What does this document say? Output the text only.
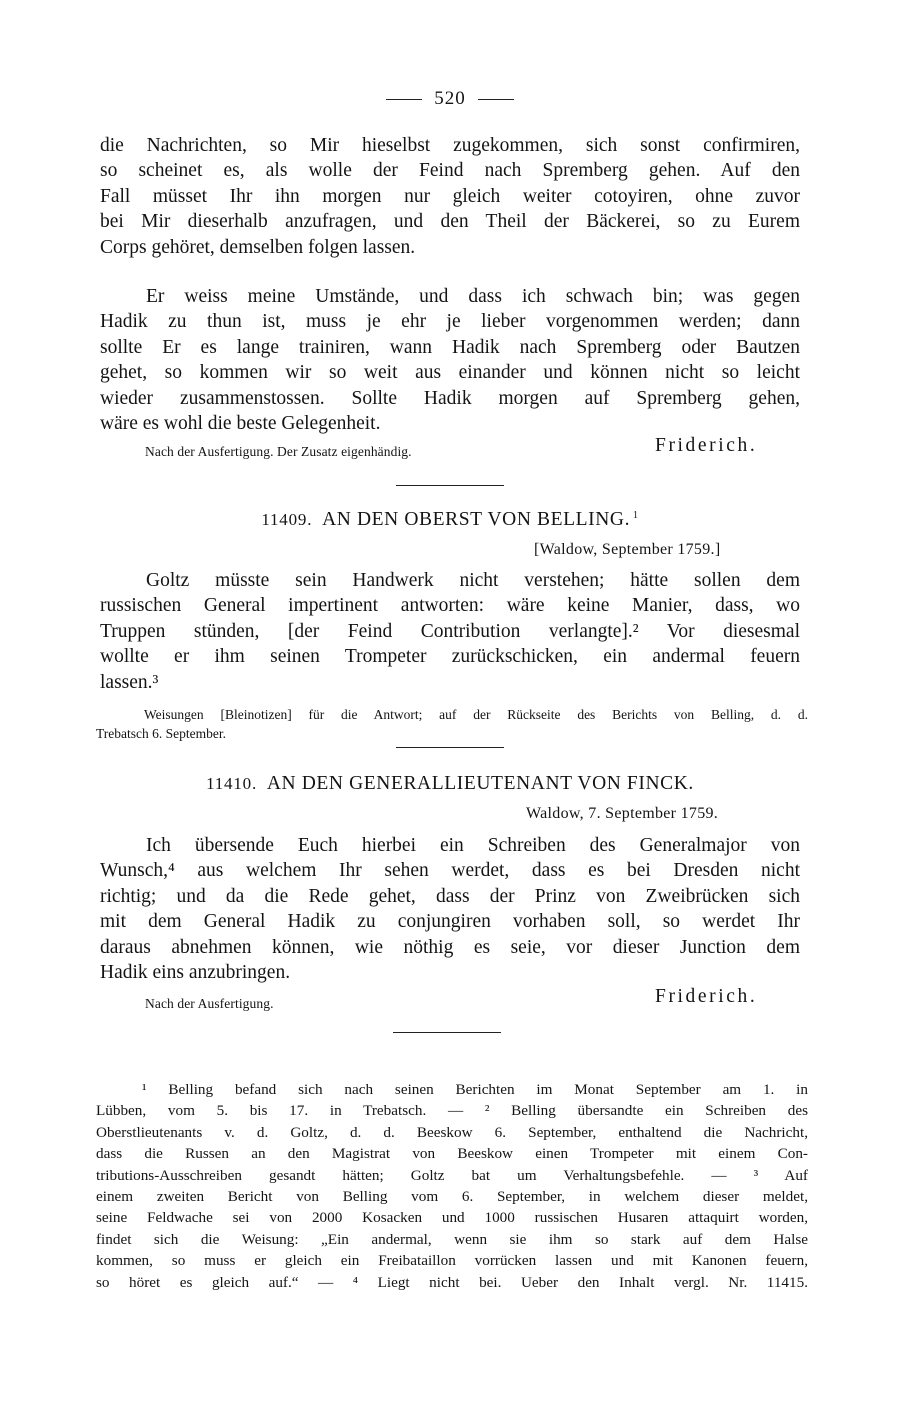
520
die Nachrichten, so Mir hieselbst zugekommen, sich sonst confirmiren,
so scheinet es, als wolle der Feind nach Spremberg gehen. Auf den
Fall müsset Ihr ihn morgen nur gleich weiter cotoyiren, ohne zuvor
bei Mir dieserhalb anzufragen, und den Theil der Bäckerei, so zu Eurem
Corps gehöret, demselben folgen lassen.
Er weiss meine Umstände, und dass ich schwach bin; was gegen
Hadik zu thun ist, muss je ehr je lieber vorgenommen werden; dann
sollte Er es lange trainiren, wann Hadik nach Spremberg oder Bautzen
gehet, so kommen wir so weit aus einander und können nicht so leicht
wieder zusammenstossen. Sollte Hadik morgen auf Spremberg gehen,
wäre es wohl die beste Gelegenheit.
Nach der Ausfertigung. Der Zusatz eigenhändig.	Friderich.
11409. AN DEN OBERST VON BELLING. $^1$
[Waldow, September 1759.]
Goltz müsste sein Handwerk nicht verstehen; hätte sollen dem
russischen General impertinent antworten: wäre keine Manier, dass, wo
Truppen stünden, [der Feind Contribution verlangte].² Vor diesesmal
wollte er ihm seinen Trompeter zurückschicken, ein andermal feuern
lassen.³
Weisungen [Bleinotizen] für die Antwort; auf der Rückseite des Berichts von Belling, d. d.
Trebatsch 6. September.
11410. AN DEN GENERALLIEUTENANT VON FINCK.
Waldow, 7. September 1759.
Ich übersende Euch hierbei ein Schreiben des Generalmajor von
Wunsch,⁴ aus welchem Ihr sehen werdet, dass es bei Dresden nicht
richtig; und da die Rede gehet, dass der Prinz von Zweibrücken sich
mit dem General Hadik zu conjungiren vorhaben soll, so werdet Ihr
daraus abnehmen können, wie nöthig es seie, vor dieser Junction dem
Hadik eins anzubringen.
Nach der Ausfertigung.	Friderich.
¹ Belling befand sich nach seinen Berichten im Monat September am 1. in
Lübben, vom 5. bis 17. in Trebatsch. — ² Belling übersandte ein Schreiben des
Oberstlieutenants v. d. Goltz, d. d. Beeskow 6. September, enthaltend die Nachricht,
dass die Russen an den Magistrat von Beeskow einen Trompeter mit einem Con-
tributions-Ausschreiben gesandt hätten; Goltz bat um Verhaltungsbefehle. — ³ Auf
einem zweiten Bericht von Belling vom 6. September, in welchem dieser meldet,
seine Feldwache sei von 2000 Kosacken und 1000 russischen Husaren attaquirt worden,
findet sich die Weisung: „Ein andermal, wenn sie ihm so stark auf dem Halse
kommen, so muss er gleich ein Freibataillon vorrücken lassen und mit Kanonen feuern,
so höret es gleich auf.“ — ⁴ Liegt nicht bei. Ueber den Inhalt vergl. Nr. 11415.
